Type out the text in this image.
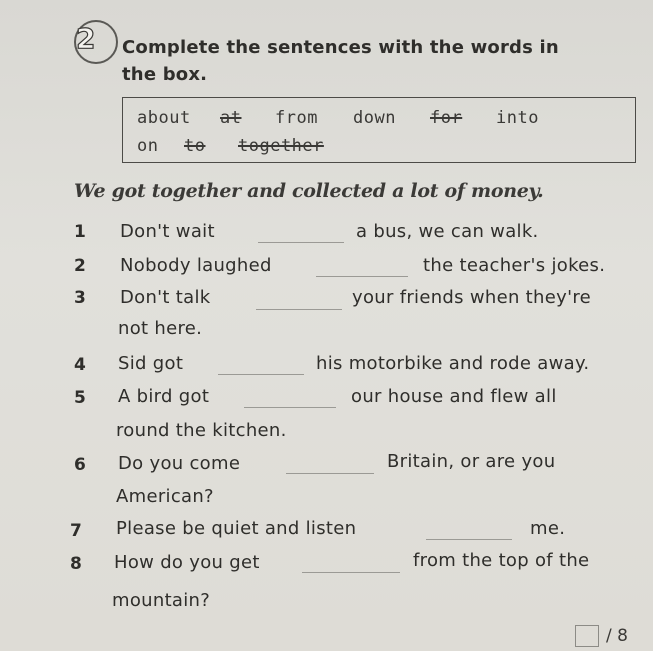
2 Complete the sentences with the words in
the box.
about at from down for into
on to together
We got together and collected a lot of money.
1 Don't wait	a bus, we can walk.
2 Nobody laughed	the teacher's jokes.
3 Don't talk	your friends when they're
not here.
4 Sid got	his motorbike and rode away.
5 A bird got	our house and flew all
round the kitchen.
6 Do you come	Britain, or are you
American?
7 Please be quiet and listen	me.
8 How do you get	from the top of the
mountain?
/ 8
